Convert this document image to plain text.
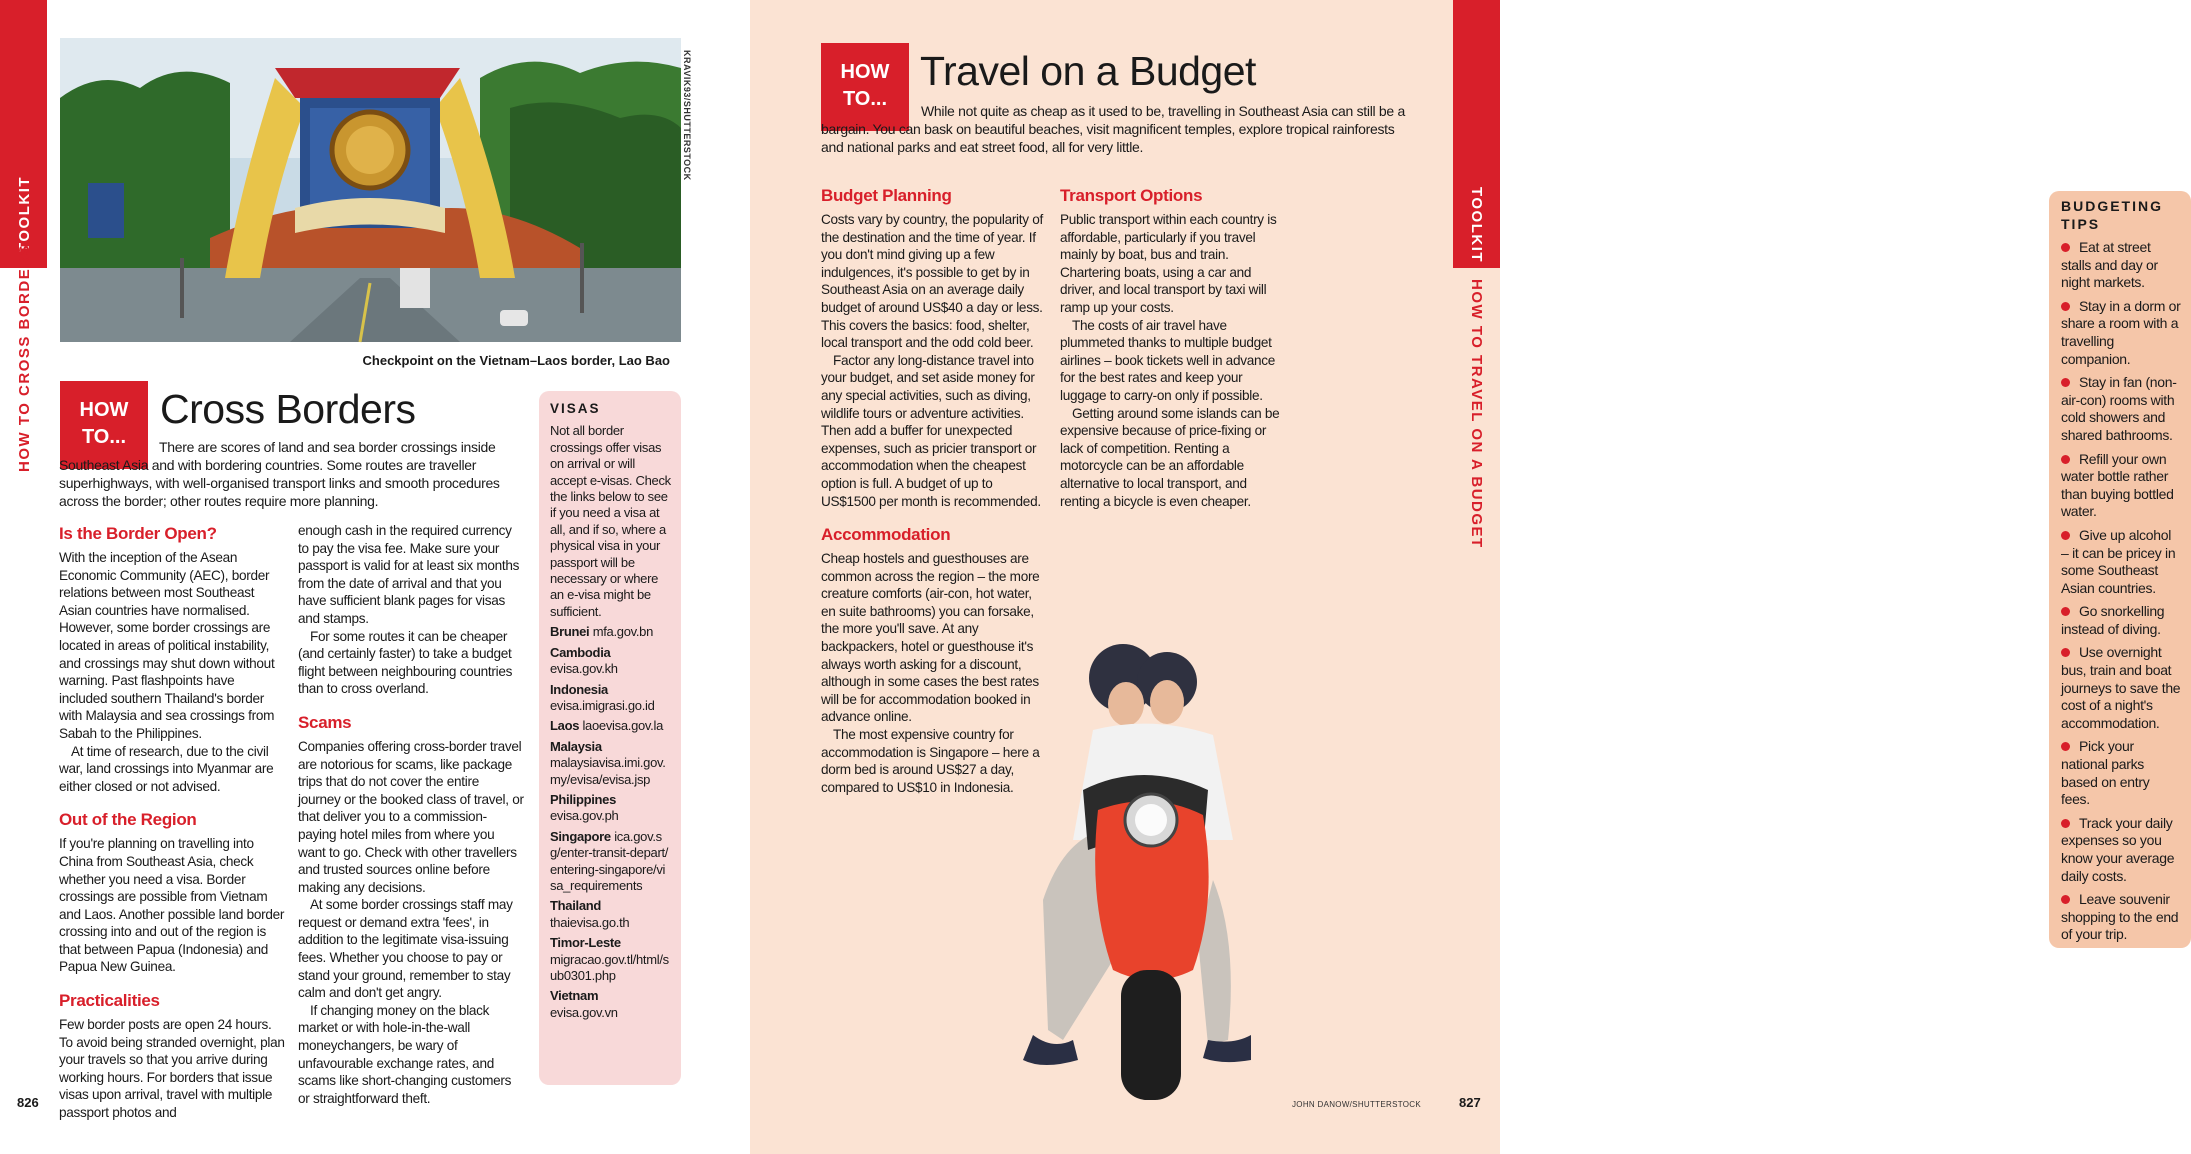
TOOLKIT
HOW TO CROSS BORDERS
KRAVIK93/SHUTTERSTOCK
Checkpoint on the Vietnam–Laos border, Lao Bao
HOW
TO...
Cross Borders
There are scores of land and sea border crossings inside Southeast Asia and with bordering countries. Some routes are traveller superhighways, with well-organised transport links and smooth procedures across the border; other routes require more planning.
Is the Border Open?

With the inception of the Asean Economic Community (AEC), border relations between most Southeast Asian countries have normalised. However, some border crossings are located in areas of political instability, and crossings may shut down without warning. Past flashpoints have included southern Thailand's border with Malaysia and sea crossings from Sabah to the Philippines.

At time of research, due to the civil war, land crossings into Myanmar are either closed or not advised.

Out of the Region

If you're planning on travelling into China from Southeast Asia, check whether you need a visa. Border crossings are possible from Vietnam and Laos. Another possible land border crossing into and out of the region is that between Papua (Indonesia) and Papua New Guinea.

Practicalities

Few border posts are open 24 hours. To avoid being stranded overnight, plan your travels so that you arrive during working hours. For borders that issue visas upon arrival, travel with multiple passport photos and

enough cash in the required currency to pay the visa fee. Make sure your passport is valid for at least six months from the date of arrival and that you have sufficient blank pages for visas and stamps.

For some routes it can be cheaper (and certainly faster) to take a budget flight between neighbouring countries than to cross overland.

Scams

Companies offering cross-border travel are notorious for scams, like package trips that do not cover the entire journey or the booked class of travel, or that deliver you to a commission-paying hotel miles from where you want to go. Check with other travellers and trusted sources online before making any decisions.

At some border crossings staff may request or demand extra 'fees', in addition to the legitimate visa-issuing fees. Whether you choose to pay or stand your ground, remember to stay calm and don't get angry.

If changing money on the black market or with hole-in-the-wall moneychangers, be wary of unfavourable exchange rates, and scams like short-changing customers or straightforward theft.

VISAS
Not all border crossings offer visas on arrival or will accept e-visas. Check the links below to see if you need a visa at all, and if so, where a physical visa in your passport will be necessary or where an e-visa might be sufficient.
Brunei mfa.gov.bn
Cambodia
evisa.gov.kh
Indonesia
evisa.imigrasi.go.id
Laos laoevisa.gov.la
Malaysia
malaysiavisa.imi.gov.my/evisa/evisa.jsp
Philippines
evisa.gov.ph
Singapore ica.gov.sg/enter-transit-depart/entering-singapore/visa_requirements
Thailand
thaievisa.go.th
Timor-Leste
migracao.gov.tl/html/sub0301.php
Vietnam
evisa.gov.vn
826
TOOLKIT
HOW TO TRAVEL ON A BUDGET
HOW
TO...
Travel on a Budget
While not quite as cheap as it used to be, travelling in Southeast Asia can still be a bargain. You can bask on beautiful beaches, visit magnificent temples, explore tropical rainforests and national parks and eat street food, all for very little.
Budget Planning

Costs vary by country, the popularity of the destination and the time of year. If you don't mind giving up a few indulgences, it's possible to get by in Southeast Asia on an average daily budget of around US$40 a day or less. This covers the basics: food, shelter, local transport and the odd cold beer.

Factor any long-distance travel into your budget, and set aside money for any special activities, such as diving, wildlife tours or adventure activities. Then add a buffer for unexpected expenses, such as pricier transport or accommodation when the cheapest option is full. A budget of up to US$1500 per month is recommended.

Accommodation

Cheap hostels and guesthouses are common across the region – the more creature comforts (air-con, hot water, en suite bathrooms) you can forsake, the more you'll save. At any backpackers, hotel or guesthouse it's always worth asking for a discount, although in some cases the best rates will be for accommodation booked in advance online.

The most expensive country for accommodation is Singapore – here a dorm bed is around US$27 a day, compared to US$10 in Indonesia.

Transport Options

Public transport within each country is affordable, particularly if you travel mainly by boat, bus and train. Chartering boats, using a car and driver, and local transport by taxi will ramp up your costs.

The costs of air travel have plummeted thanks to multiple budget airlines – book tickets well in advance for the best rates and keep your luggage to carry-on only if possible.

Getting around some islands can be expensive because of price-fixing or lack of competition. Renting a motorcycle can be an affordable alternative to local transport, and renting a bicycle is even cheaper.

BUDGETING
TIPS
Eat at street stalls and day or night markets.
Stay in a dorm or share a room with a travelling companion.
Stay in fan (non-air-con) rooms with cold showers and shared bathrooms.
Refill your own water bottle rather than buying bottled water.
Give up alcohol – it can be pricey in some Southeast Asian countries.
Go snorkelling instead of diving.
Use overnight bus, train and boat journeys to save the cost of a night's accommodation.
Pick your national parks based on entry fees.
Track your daily expenses so you know your average daily costs.
Leave souvenir shopping to the end of your trip.
JOHN DANOW/SHUTTERSTOCK	827
